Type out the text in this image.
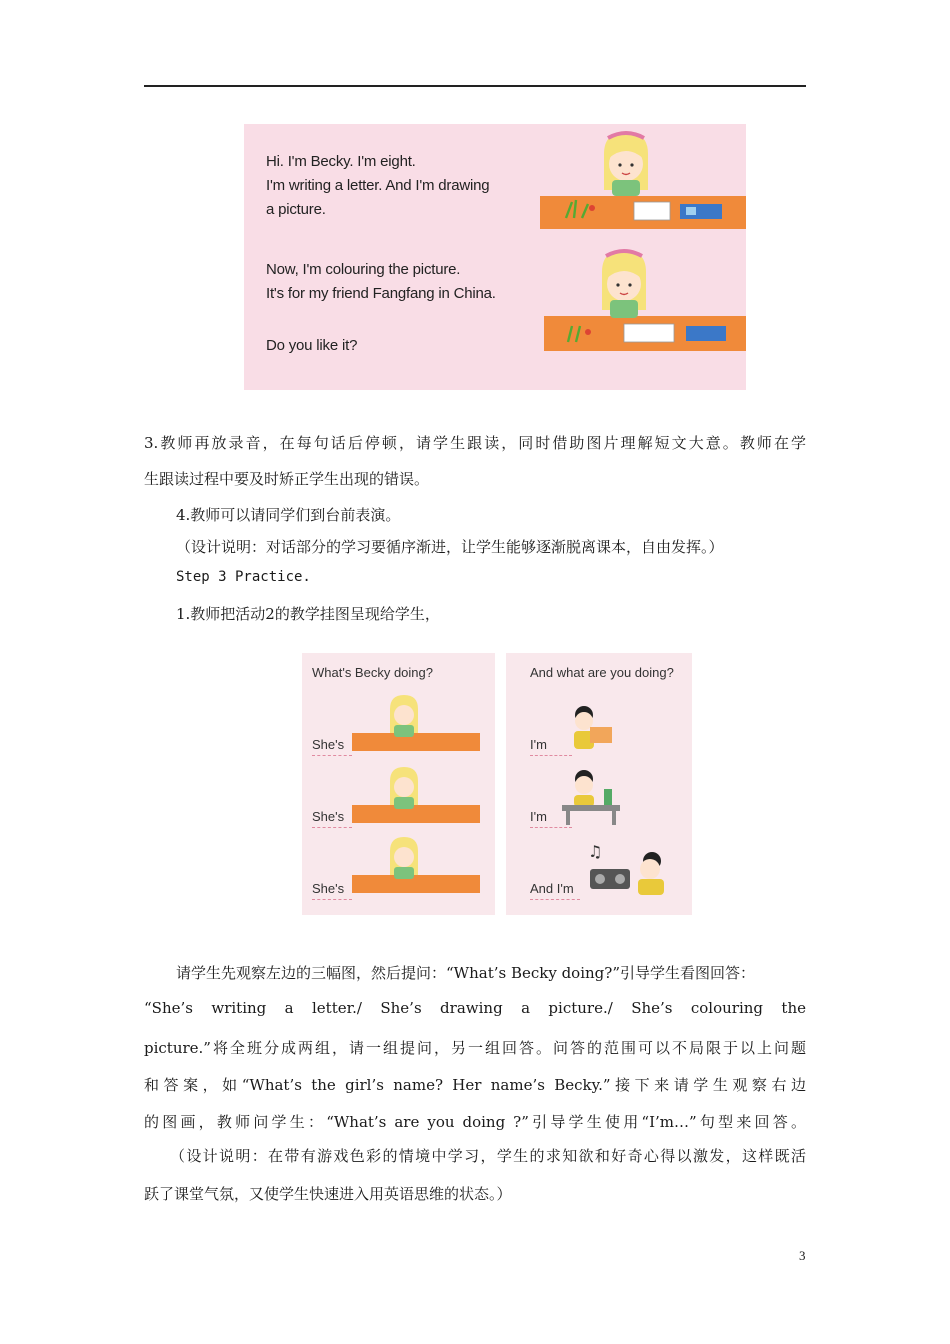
Hi. I'm Becky. I'm eight.
I'm writing a letter. And I'm drawing
a picture.
Now, I'm colouring the picture.
It's for my friend Fangfang in China.
Do you like it?
3.教师再放录音，在每句话后停顿，请学生跟读，同时借助图片理解短文大意。教师在学
生跟读过程中要及时矫正学生出现的错误。
4.教师可以请同学们到台前表演。
（设计说明：对话部分的学习要循序渐进，让学生能够逐渐脱离课本，自由发挥。）
Step 3 Practice.
1.教师把活动2的教学挂图呈现给学生，
What's Becky doing?
She's
She's
She's
And what are you doing?
♫
I'm
I'm
And I'm
请学生先观察左边的三幅图，然后提问：“What’s Becky doing?”引导学生看图回答：
“She’s writing a letter./ She’s drawing a picture./ She’s colouring the
picture.”将全班分成两组，请一组提问，另一组回答。问答的范围可以不局限于以上问题
和答案，如“What’s the girl’s name? Her name’s Becky.”接下来请学生观察右边
的图画，教师问学生：“What’s are you doing ?”引导学生使用“I’m…”句型来回答。
（设计说明：在带有游戏色彩的情境中学习，学生的求知欲和好奇心得以激发，这样既活
跃了课堂气氛，又使学生快速进入用英语思维的状态。）
3
